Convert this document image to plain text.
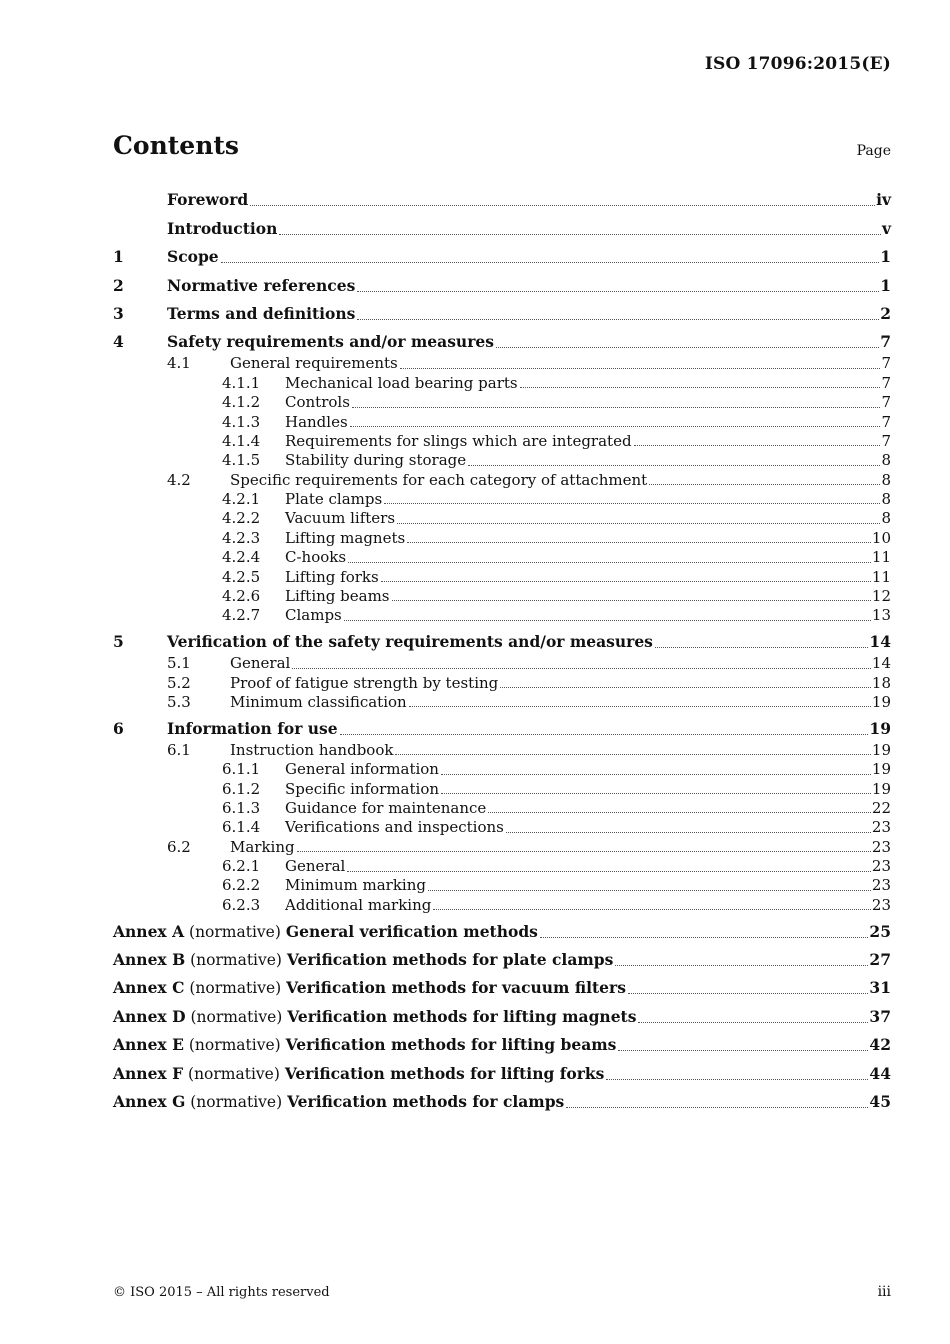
ISO 17096:2015(E)
Contents	Page
Foreword	iv
Introduction	v
1	Scope	1
2	Normative references	1
3	Terms and definitions	2
4	Safety requirements and/or measures	7
4.1	General requirements	7
4.1.1	Mechanical load bearing parts	7
4.1.2	Controls	7
4.1.3	Handles	7
4.1.4	Requirements for slings which are integrated	7
4.1.5	Stability during storage	8
4.2	Specific requirements for each category of attachment	8
4.2.1	Plate clamps	8
4.2.2	Vacuum lifters	8
4.2.3	Lifting magnets	10
4.2.4	C-hooks	11
4.2.5	Lifting forks	11
4.2.6	Lifting beams	12
4.2.7	Clamps	13
5	Verification of the safety requirements and/or measures	14
5.1	General	14
5.2	Proof of fatigue strength by testing	18
5.3	Minimum classification	19
6	Information for use	19
6.1	Instruction handbook	19
6.1.1	General information	19
6.1.2	Specific information	19
6.1.3	Guidance for maintenance	22
6.1.4	Verifications and inspections	23
6.2	Marking	23
6.2.1	General	23
6.2.2	Minimum marking	23
6.2.3	Additional marking	23
Annex A (normative) General verification methods	25
Annex B (normative) Verification methods for plate clamps	27
Annex C (normative) Verification methods for vacuum filters	31
Annex D (normative) Verification methods for lifting magnets	37
Annex E (normative) Verification methods for lifting beams	42
Annex F (normative) Verification methods for lifting forks	44
Annex G (normative) Verification methods for clamps	45
© ISO 2015 – All rights reserved	iii
